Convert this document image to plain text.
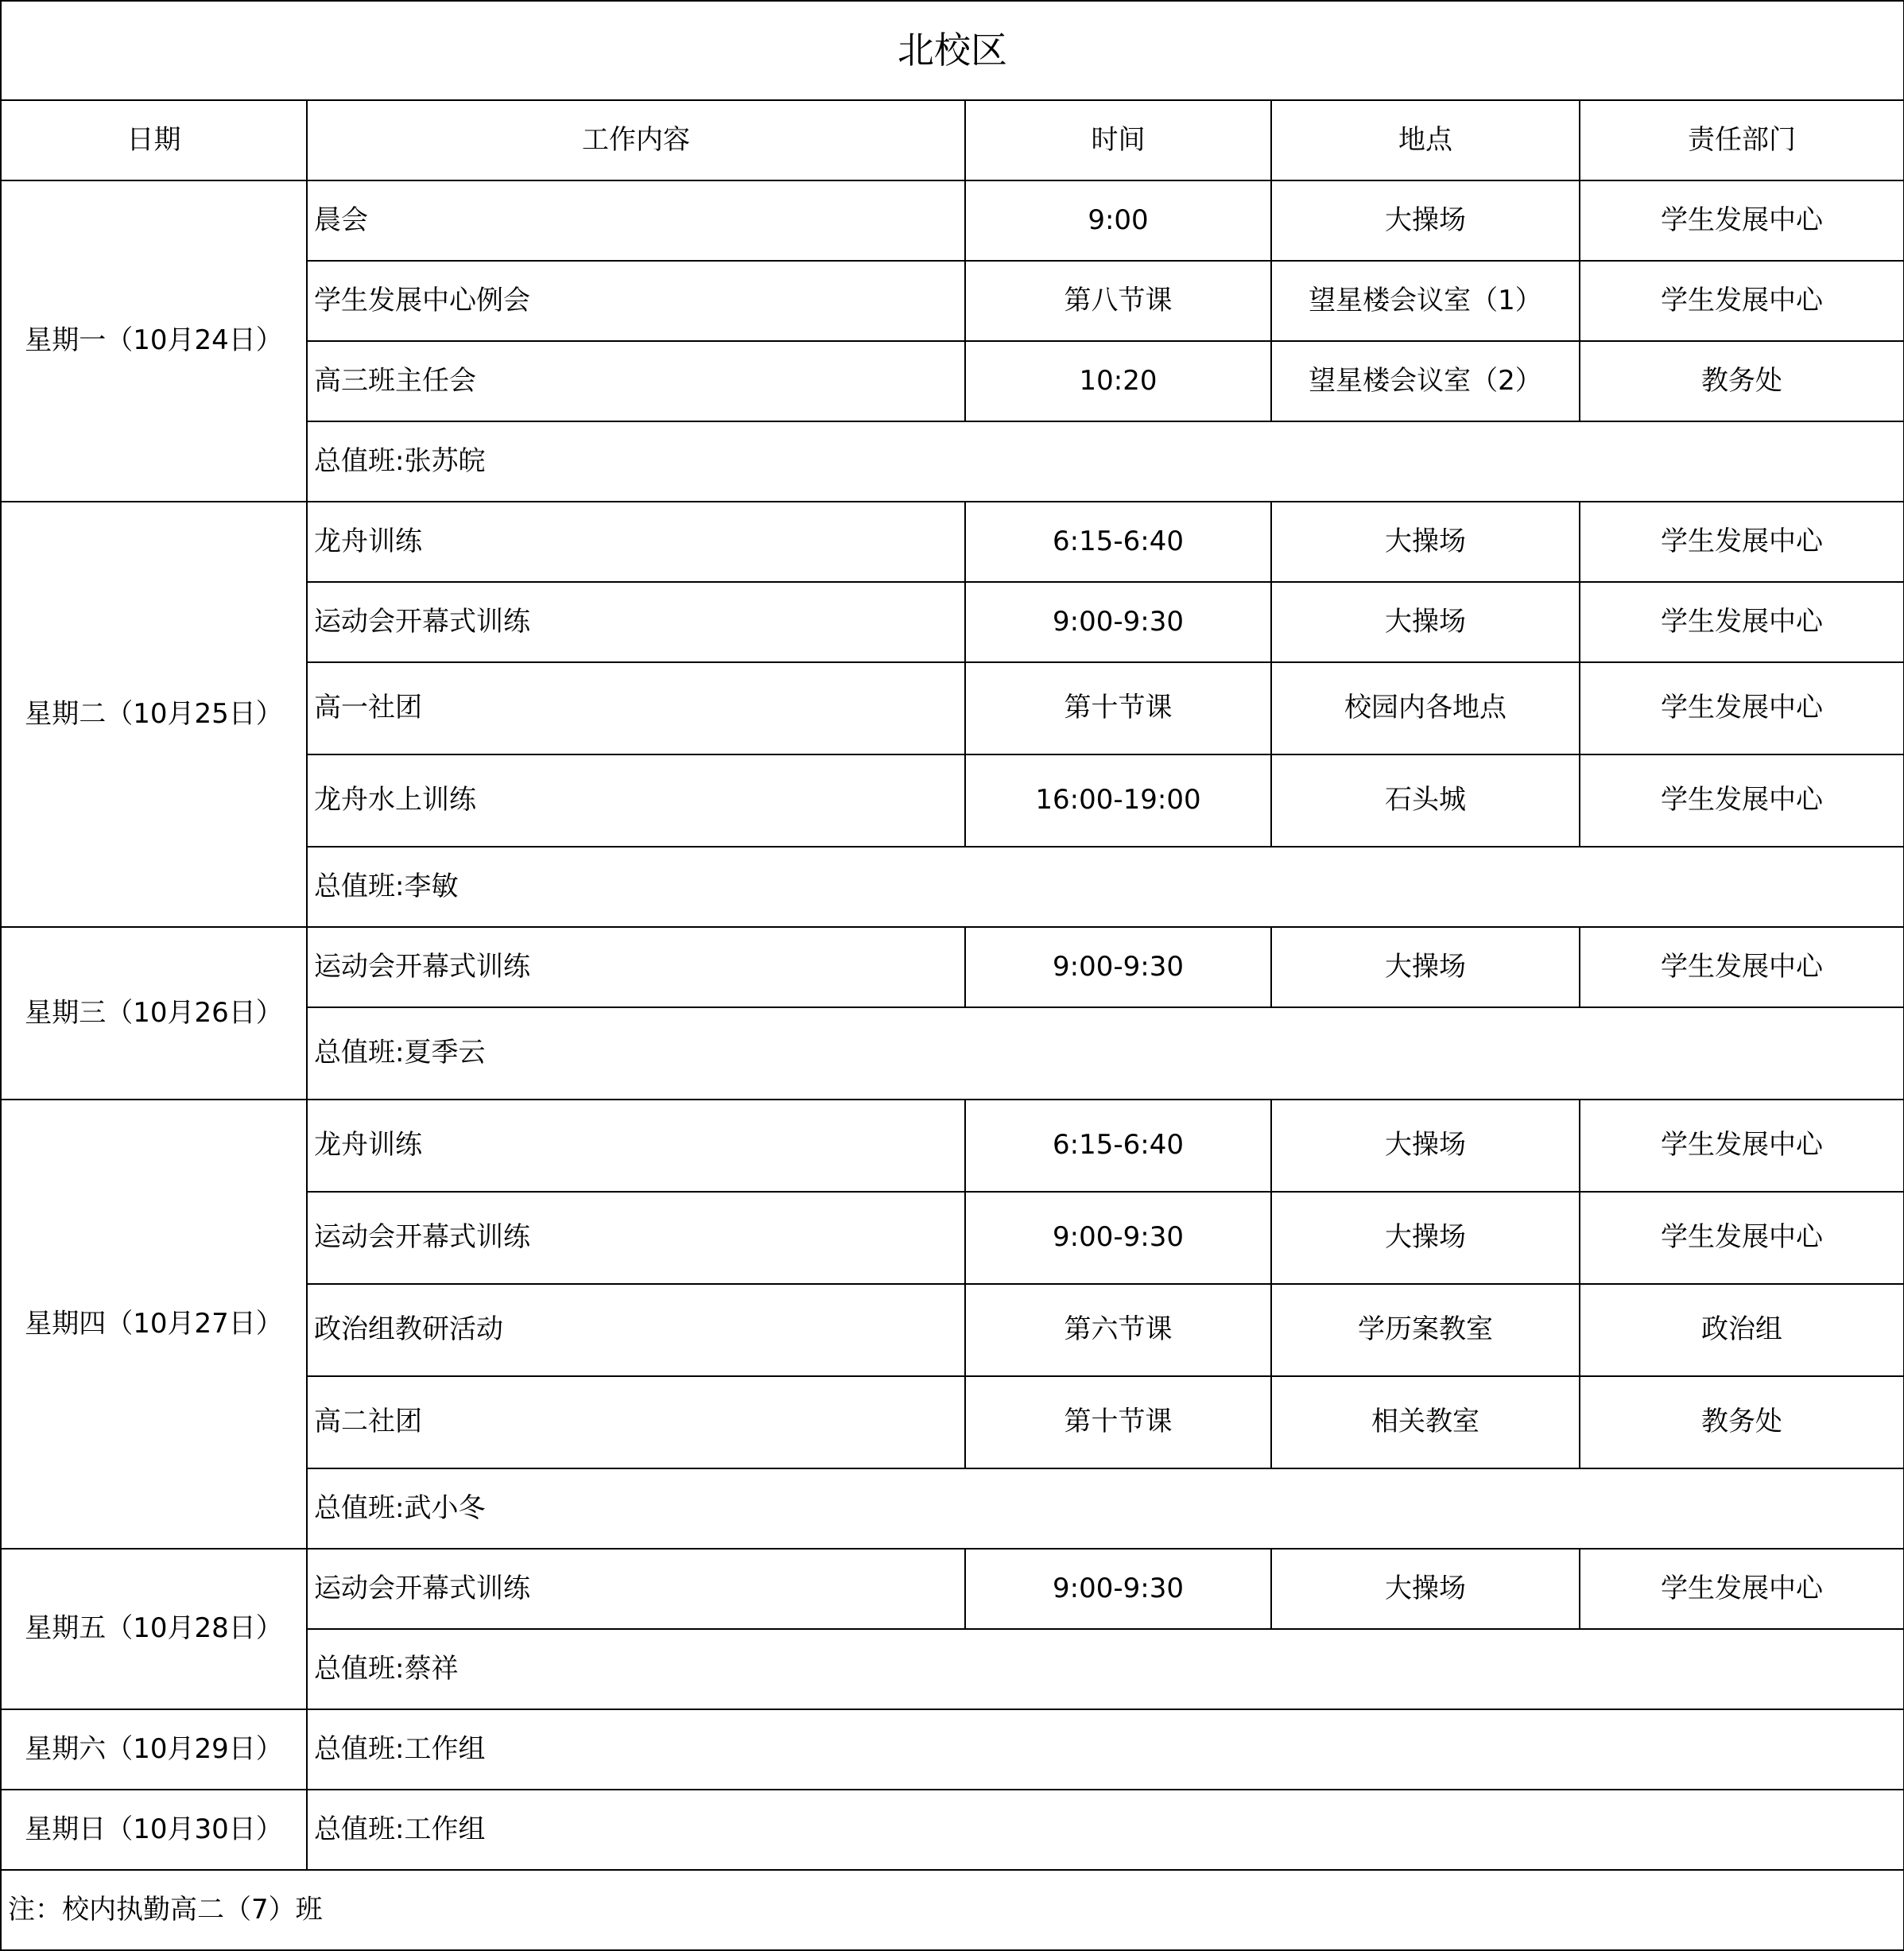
北校区				
日期	工作内容	时间	地点	责任部门
星期一（10月24日）	晨会	9:00	大操场	学生发展中心
	学生发展中心例会	第八节课	望星楼会议室（1）	学生发展中心
	高三班主任会	10:20	望星楼会议室（2）	教务处
	总值班:张苏皖			
星期二（10月25日）	龙舟训练	6:15-6:40	大操场	学生发展中心
	运动会开幕式训练	9:00-9:30	大操场	学生发展中心
	高一社团	第十节课	校园内各地点	学生发展中心
	龙舟水上训练	16:00-19:00	石头城	学生发展中心
	总值班:李敏			
星期三（10月26日）	运动会开幕式训练	9:00-9:30	大操场	学生发展中心
	总值班:夏季云			
星期四（10月27日）	龙舟训练	6:15-6:40	大操场	学生发展中心
	运动会开幕式训练	9:00-9:30	大操场	学生发展中心
	政治组教研活动	第六节课	学历案教室	政治组
	高二社团	第十节课	相关教室	教务处
	总值班:武小冬			
星期五（10月28日）	运动会开幕式训练	9:00-9:30	大操场	学生发展中心
	总值班:蔡祥			
星期六（10月29日）	总值班:工作组			
星期日（10月30日）	总值班:工作组			
注：校内执勤高二（7）班				
